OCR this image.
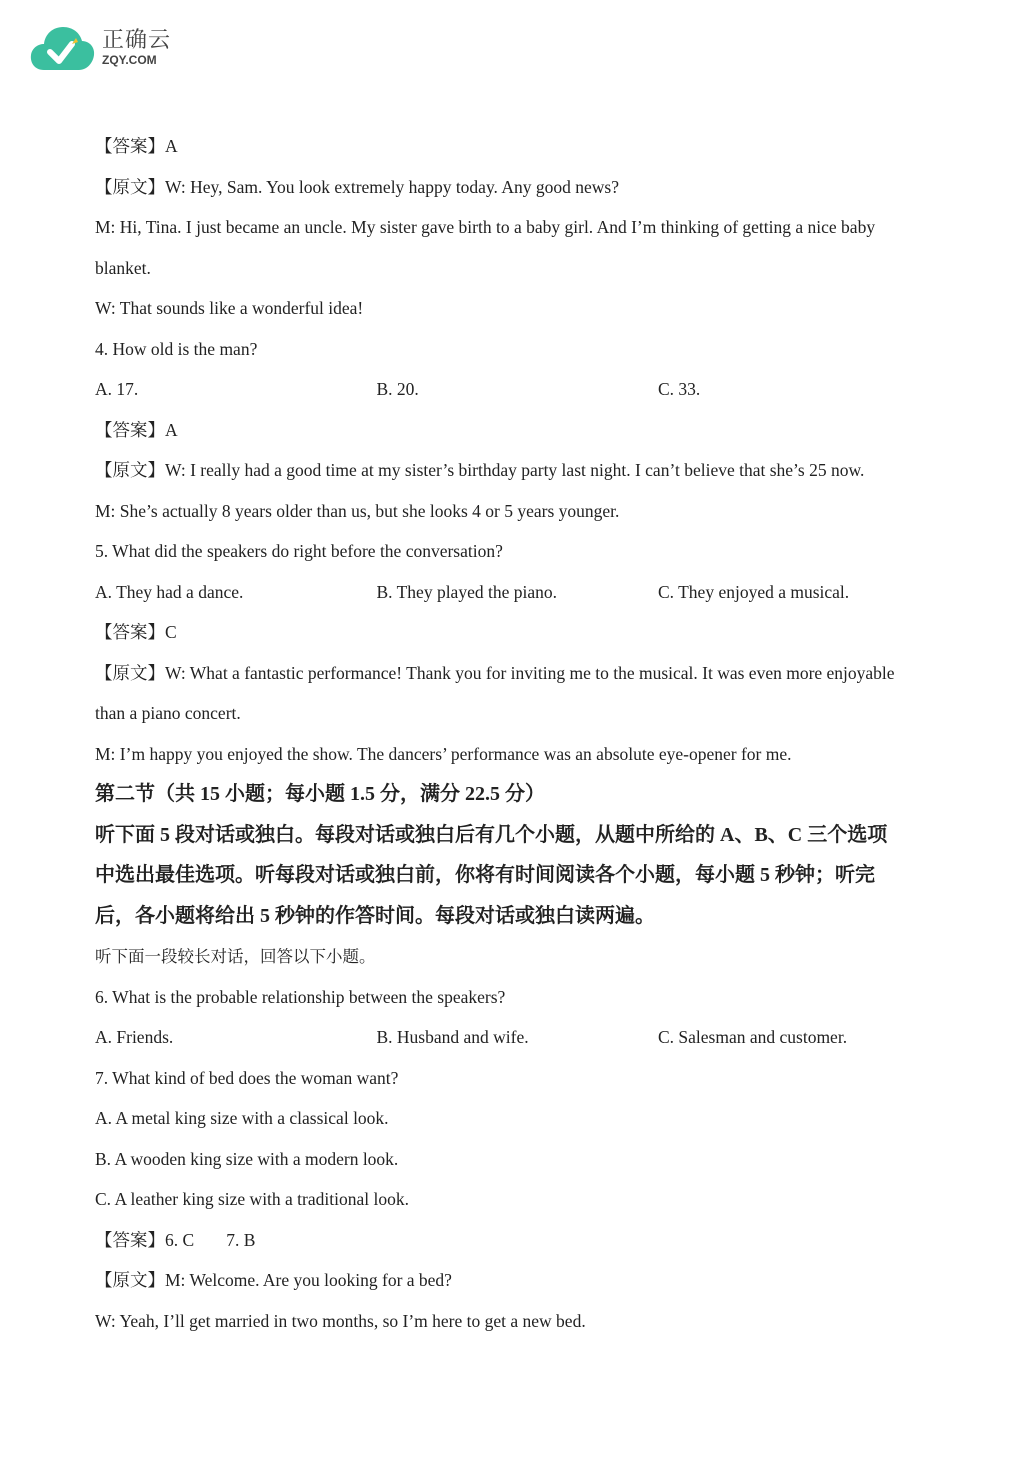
正确云
ZQY.COM
【答案】A
【原文】W: Hey, Sam. You look extremely happy today. Any good news?
M: Hi, Tina. I just became an uncle. My sister gave birth to a baby girl. And I’m thinking of getting a nice baby
blanket.
W: That sounds like a wonderful idea!
4. How old is the man?
A. 17.	B. 20.	C. 33.
【答案】A
【原文】W: I really had a good time at my sister’s birthday party last night. I can’t believe that she’s 25 now.
M: She’s actually 8 years older than us, but she looks 4 or 5 years younger.
5. What did the speakers do right before the conversation?
A. They had a dance.	B. They played the piano.	C. They enjoyed a musical.
【答案】C
【原文】W: What a fantastic performance! Thank you for inviting me to the musical. It was even more enjoyable
than a piano concert.
M: I’m happy you enjoyed the show. The dancers’ performance was an absolute eye-opener for me.
第二节（共 15 小题；每小题 1.5 分，满分 22.5 分）
听下面 5 段对话或独白。每段对话或独白后有几个小题，从题中所给的 A、B、C 三个选项
中选出最佳选项。听每段对话或独白前，你将有时间阅读各个小题，每小题 5 秒钟；听完
后，各小题将给出 5 秒钟的作答时间。每段对话或独白读两遍。
听下面一段较长对话，回答以下小题。
6. What is the probable relationship between the speakers?
A. Friends.	B. Husband and wife.	C. Salesman and customer.
7. What kind of bed does the woman want?
A. A metal king size with a classical look.
B. A wooden king size with a modern look.
C. A leather king size with a traditional look.
【答案】6. C 7. B
【原文】M: Welcome. Are you looking for a bed?
W: Yeah, I’ll get married in two months, so I’m here to get a new bed.
